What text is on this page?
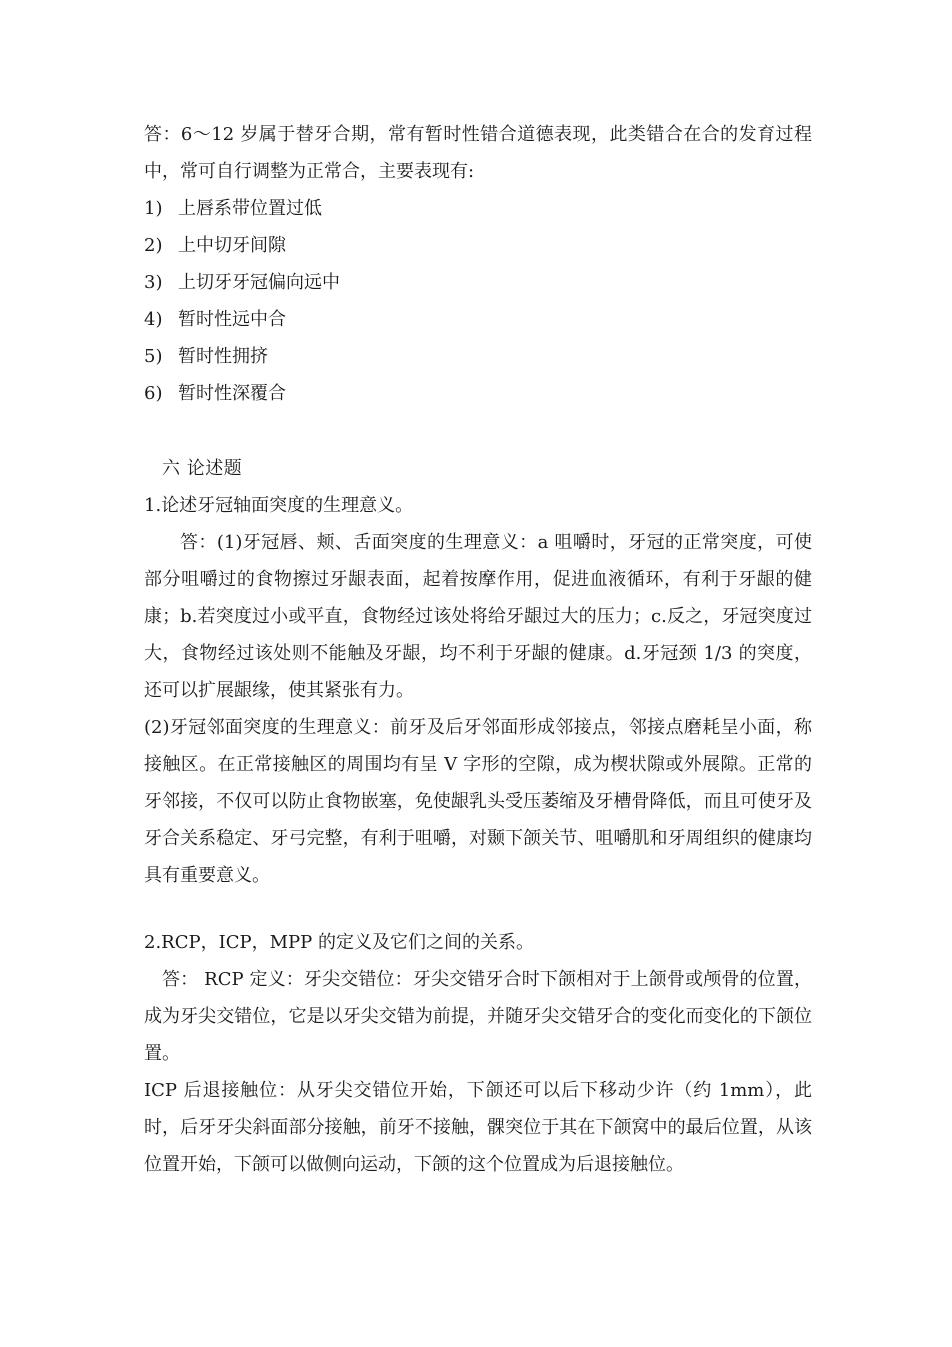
答：6～12 岁属于替牙合期，常有暂时性错合道德表现，此类错合在合的发育过程中，常可自行调整为正常合，主要表现有:

1) 上唇系带位置过低
2) 上中切牙间隙
3) 上切牙牙冠偏向远中
4) 暂时性远中合
5) 暂时性拥挤
6) 暂时性深覆合

六 论述题

1.论述牙冠轴面突度的生理意义。

答：(1)牙冠唇、颊、舌面突度的生理意义：a 咀嚼时，牙冠的正常突度，可使部分咀嚼过的食物擦过牙龈表面，起着按摩作用，促进血液循环，有利于牙龈的健康；b.若突度过小或平直，食物经过该处将给牙龈过大的压力；c.反之，牙冠突度过大，食物经过该处则不能触及牙龈，均不利于牙龈的健康。d.牙冠颈 1/3 的突度，还可以扩展龈缘，使其紧张有力。

(2)牙冠邻面突度的生理意义：前牙及后牙邻面形成邻接点，邻接点磨耗呈小面，称接触区。在正常接触区的周围均有呈 V 字形的空隙，成为楔状隙或外展隙。正常的牙邻接，不仅可以防止食物嵌塞，免使龈乳头受压萎缩及牙槽骨降低，而且可使牙及牙合关系稳定、牙弓完整，有利于咀嚼，对颞下颌关节、咀嚼肌和牙周组织的健康均具有重要意义。

2.RCP，ICP，MPP 的定义及它们之间的关系。

答： RCP 定义：牙尖交错位：牙尖交错牙合时下颌相对于上颌骨或颅骨的位置，成为牙尖交错位，它是以牙尖交错为前提，并随牙尖交错牙合的变化而变化的下颌位置。

ICP 后退接触位：从牙尖交错位开始，下颌还可以后下移动少许（约 1mm），此时，后牙牙尖斜面部分接触，前牙不接触，髁突位于其在下颌窝中的最后位置，从该位置开始，下颌可以做侧向运动，下颌的这个位置成为后退接触位。
